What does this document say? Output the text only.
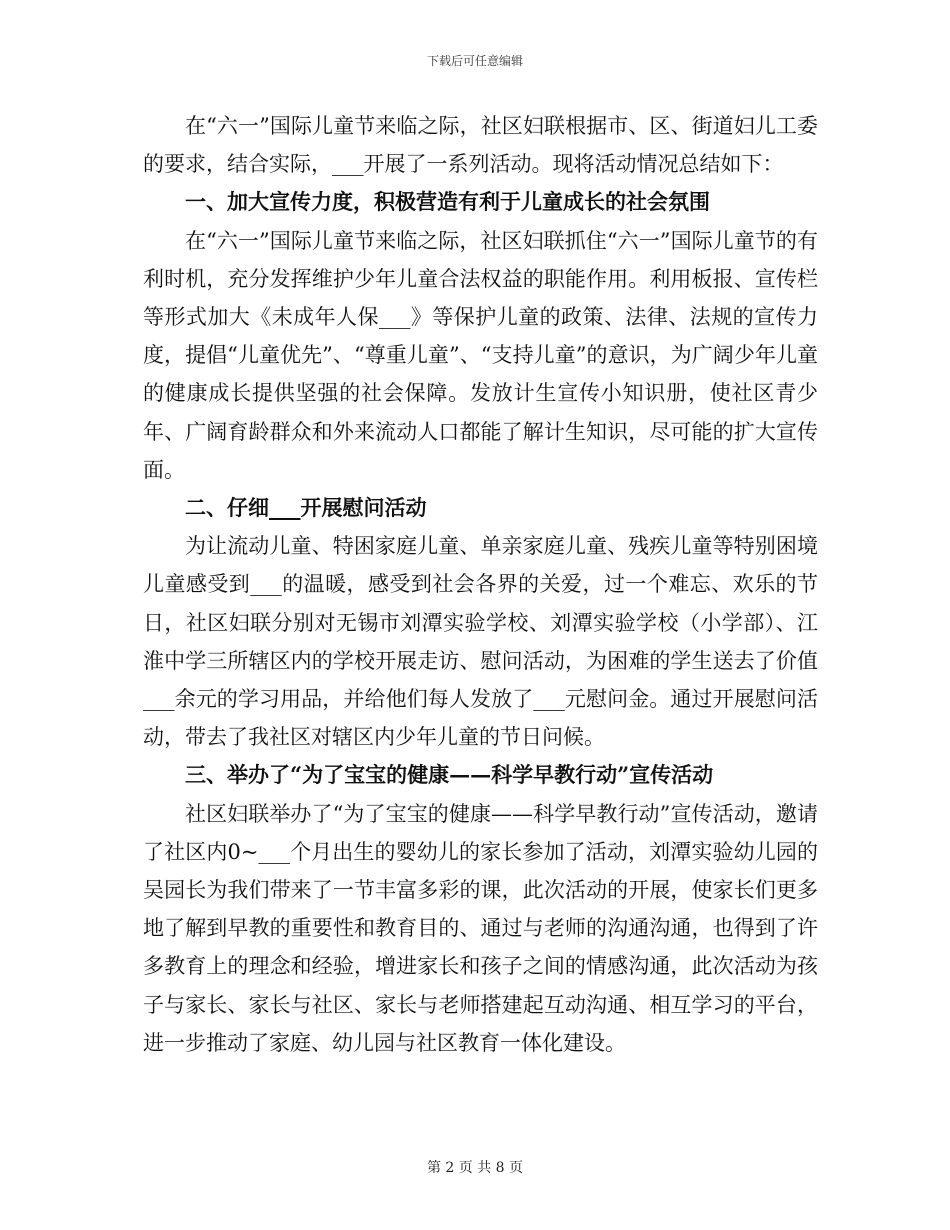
下载后可任意编辑

在“六一”国际儿童节来临之际，社区妇联根据市、区、街道妇儿工委的要求，结合实际，___开展了一系列活动。现将活动情况总结如下：

一、加大宣传力度，积极营造有利于儿童成长的社会氛围

在“六一”国际儿童节来临之际，社区妇联抓住“六一”国际儿童节的有利时机，充分发挥维护少年儿童合法权益的职能作用。利用板报、宣传栏等形式加大《未成年人保___》等保护儿童的政策、法律、法规的宣传力度，提倡“儿童优先”、“尊重儿童”、“支持儿童”的意识，为广阔少年儿童的健康成长提供坚强的社会保障。发放计生宣传小知识册，使社区青少年、广阔育龄群众和外来流动人口都能了解计生知识，尽可能的扩大宣传面。

二、仔细___开展慰问活动

为让流动儿童、特困家庭儿童、单亲家庭儿童、残疾儿童等特别困境儿童感受到___的温暖，感受到社会各界的关爱，过一个难忘、欢乐的节日，社区妇联分别对无锡市刘潭实验学校、刘潭实验学校（小学部）、江淮中学三所辖区内的学校开展走访、慰问活动，为困难的学生送去了价值___余元的学习用品，并给他们每人发放了___元慰问金。通过开展慰问活动，带去了我社区对辖区内少年儿童的节日问候。

三、举办了“为了宝宝的健康——科学早教行动”宣传活动

社区妇联举办了“为了宝宝的健康——科学早教行动”宣传活动，邀请了社区内0~___个月出生的婴幼儿的家长参加了活动，刘潭实验幼儿园的吴园长为我们带来了一节丰富多彩的课，此次活动的开展，使家长们更多地了解到早教的重要性和教育目的、通过与老师的沟通沟通，也得到了许多教育上的理念和经验，增进家长和孩子之间的情感沟通，此次活动为孩子与家长、家长与社区、家长与老师搭建起互动沟通、相互学习的平台，进一步推动了家庭、幼儿园与社区教育一体化建设。

第 2 页 共 8 页
